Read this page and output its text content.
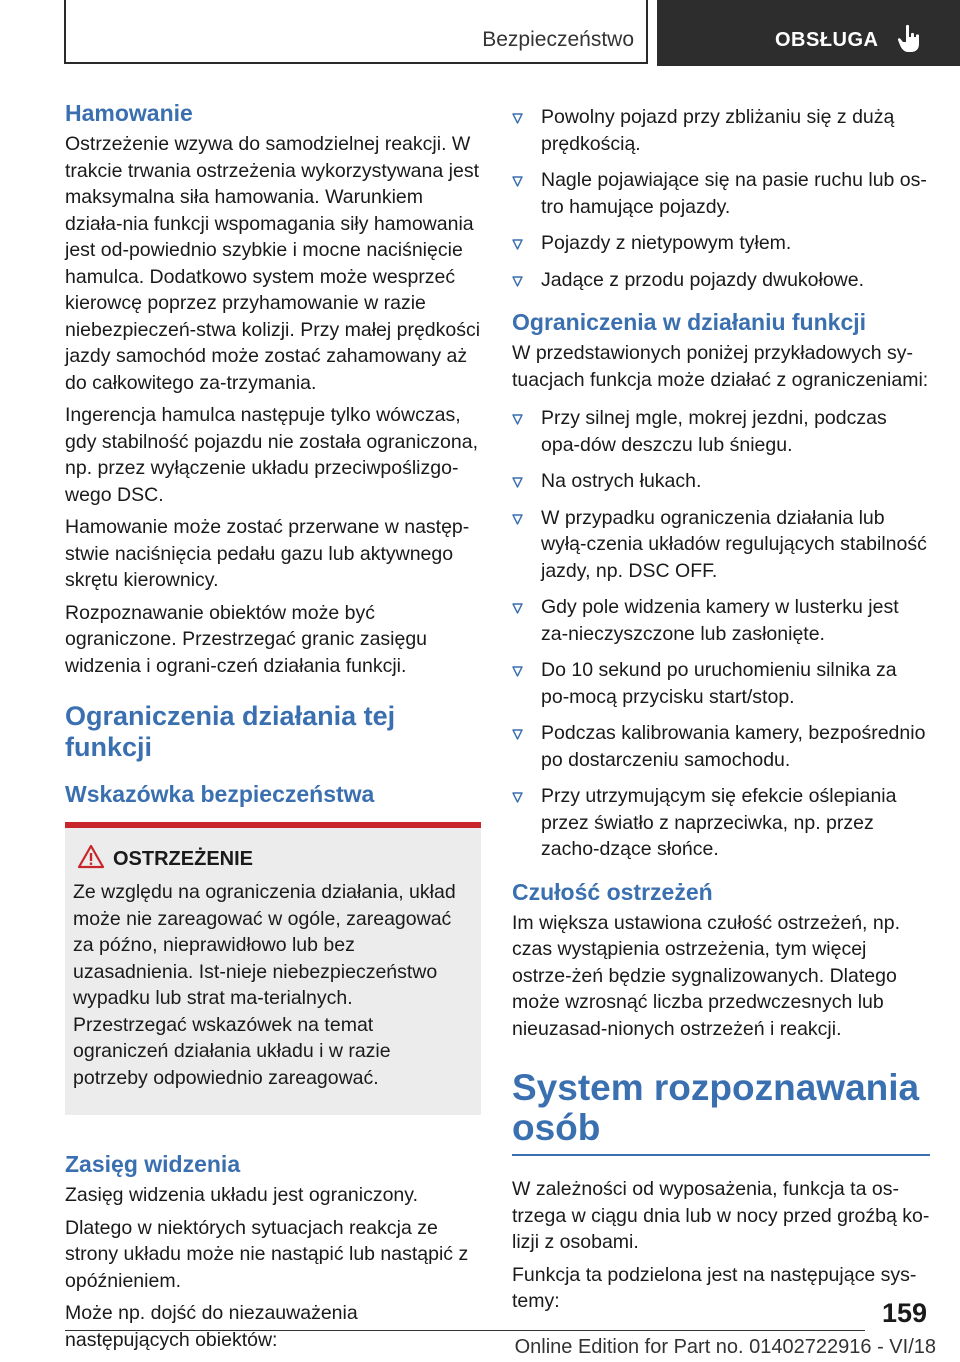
Bezpieczeństwo	OBSŁUGA
Hamowanie

Ostrzeżenie wzywa do samodzielnej reakcji. W trakcie trwania ostrzeżenia wykorzystywana jest maksymalna siła hamowania. Warunkiem działa-nia funkcji wspomagania siły hamowania jest od-powiednio szybkie i mocne naciśnięcie hamulca. Dodatkowo system może wesprzeć kierowcę poprzez przyhamowanie w razie niebezpieczeń-stwa kolizji. Przy małej prędkości jazdy samochód może zostać zahamowany aż do całkowitego za-trzymania.

Ingerencja hamulca następuje tylko wówczas, gdy stabilność pojazdu nie została ograniczona, np. przez wyłączenie układu przeciwpoślizgo-wego DSC.

Hamowanie może zostać przerwane w następ-stwie naciśnięcia pedału gazu lub aktywnego skrętu kierownicy.

Rozpoznawanie obiektów może być ograniczone. Przestrzegać granic zasięgu widzenia i ograni-czeń działania funkcji.

Ograniczenia działania tej funkcji
Wskazówka bezpieczeństwa
OSTRZEŻENIE

Ze względu na ograniczenia działania, układ może nie zareagować w ogóle, zareagować za późno, nieprawidłowo lub bez uzasadnienia. Ist-nieje niebezpieczeństwo wypadku lub strat ma-terialnych. Przestrzegać wskazówek na temat ograniczeń działania układu i w razie potrzeby odpowiednio zareagować.

Zasięg widzenia

Zasięg widzenia układu jest ograniczony.

Dlatego w niektórych sytuacjach reakcja ze strony układu może nie nastąpić lub nastąpić z opóźnieniem.

Może np. dojść do niezauważenia następujących obiektów:

Powolny pojazd przy zbliżaniu się z dużą prędkością.
Nagle pojawiające się na pasie ruchu lub os-tro hamujące pojazdy.
Pojazdy z nietypowym tyłem.
Jadące z przodu pojazdy dwukołowe.
Ograniczenia w działaniu funkcji

W przedstawionych poniżej przykładowych sy-tuacjach funkcja może działać z ograniczeniami:

Przy silnej mgle, mokrej jezdni, podczas opa-dów deszczu lub śniegu.
Na ostrych łukach.
W przypadku ograniczenia działania lub wyłą-czenia układów regulujących stabilność jazdy, np. DSC OFF.
Gdy pole widzenia kamery w lusterku jest za-nieczyszczone lub zasłonięte.
Do 10 sekund po uruchomieniu silnika za po-mocą przycisku start/stop.
Podczas kalibrowania kamery, bezpośrednio po dostarczeniu samochodu.
Przy utrzymującym się efekcie oślepiania przez światło z naprzeciwka, np. przez zacho-dzące słońce.
Czułość ostrzeżeń

Im większa ustawiona czułość ostrzeżeń, np. czas wystąpienia ostrzeżenia, tym więcej ostrze-żeń będzie sygnalizowanych. Dlatego może wzrosnąć liczba przedwczesnych lub nieuzasad-nionych ostrzeżeń i reakcji.

System rozpoznawania osób

W zależności od wyposażenia, funkcja ta os-trzega w ciągu dnia lub w nocy przed groźbą ko-lizji z osobami.

Funkcja ta podzielona jest na następujące sys-temy:	159
Online Edition for Part no. 01402722916 - VI/18
